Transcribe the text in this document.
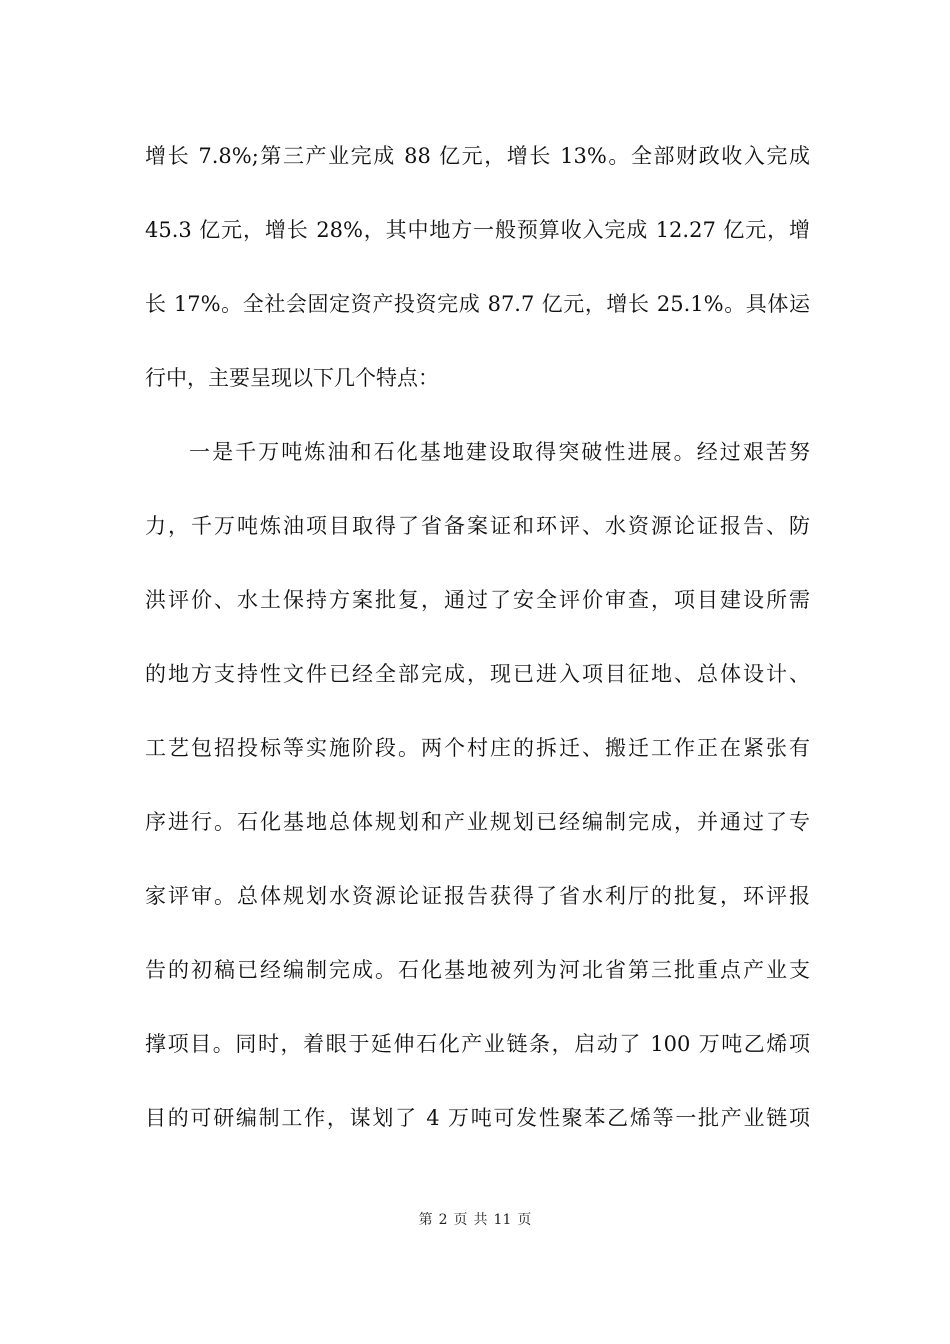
增长 7.8%;第三产业完成 88 亿元，增长 13%。全部财政收入完成
45.3 亿元，增长 28%，其中地方一般预算收入完成 12.27 亿元，增
长 17%。全社会固定资产投资完成 87.7 亿元，增长 25.1%。具体运
行中，主要呈现以下几个特点：
一是千万吨炼油和石化基地建设取得突破性进展。经过艰苦努
力，千万吨炼油项目取得了省备案证和环评、水资源论证报告、防
洪评价、水土保持方案批复，通过了安全评价审查，项目建设所需
的地方支持性文件已经全部完成，现已进入项目征地、总体设计、
工艺包招投标等实施阶段。两个村庄的拆迁、搬迁工作正在紧张有
序进行。石化基地总体规划和产业规划已经编制完成，并通过了专
家评审。总体规划水资源论证报告获得了省水利厅的批复，环评报
告的初稿已经编制完成。石化基地被列为河北省第三批重点产业支
撑项目。同时，着眼于延伸石化产业链条，启动了 100 万吨乙烯项
目的可研编制工作，谋划了 4 万吨可发性聚苯乙烯等一批产业链项
第 2 页 共 11 页
